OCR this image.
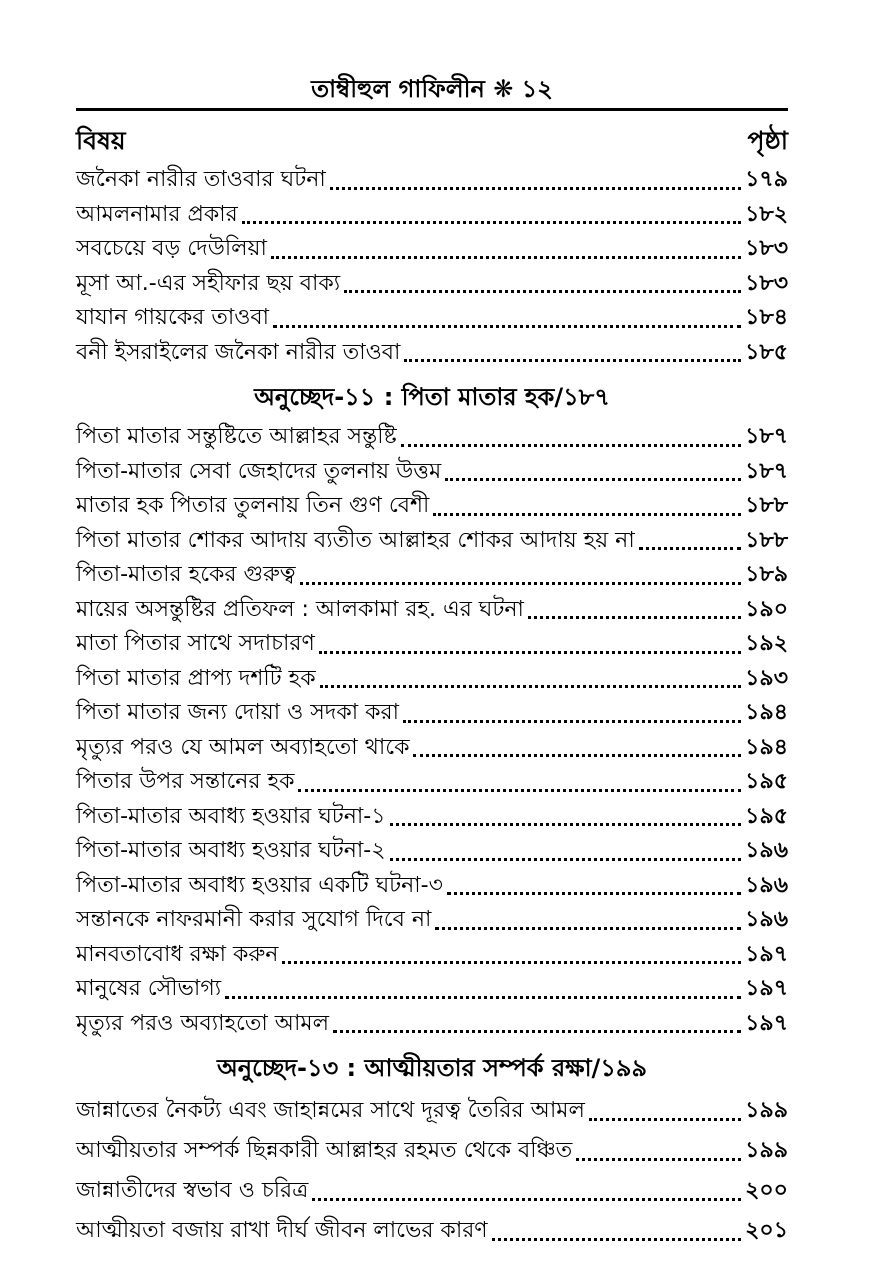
তাম্বীহুল গাফিলীন ❋ ১২
বিষয়	পৃষ্ঠা
জনৈকা নারীর তাওবার ঘটনা	১৭৯
আমলনামার প্রকার	১৮২
সবচেয়ে বড় দেউলিয়া	১৮৩
মূসা আ.-এর সহীফার ছয় বাক্য	১৮৩
যাযান গায়কের তাওবা	১৮৪
বনী ইসরাইলের জনৈকা নারীর তাওবা	১৮৫
অনুচ্ছেদ-১১ : পিতা মাতার হক/১৮৭
পিতা মাতার সন্তুষ্টিতে আল্লাহর সন্তুষ্টি	১৮৭
পিতা-মাতার সেবা জেহাদের তুলনায় উত্তম	১৮৭
মাতার হক পিতার তুলনায় তিন গুণ বেশী	১৮৮
পিতা মাতার শোকর আদায় ব্যতীত আল্লাহর শোকর আদায় হয় না	১৮৮
পিতা-মাতার হকের গুরুত্ব	১৮৯
মায়ের অসন্তুষ্টির প্রতিফল : আলকামা রহ. এর ঘটনা	১৯০
মাতা পিতার সাথে সদাচারণ	১৯২
পিতা মাতার প্রাপ্য দশটি হক	১৯৩
পিতা মাতার জন্য দোয়া ও সদকা করা	১৯৪
মৃত্যুর পরও যে আমল অব্যাহতো থাকে	১৯৪
পিতার উপর সন্তানের হক	১৯৫
পিতা-মাতার অবাধ্য হওয়ার ঘটনা-১	১৯৫
পিতা-মাতার অবাধ্য হওয়ার ঘটনা-২	১৯৬
পিতা-মাতার অবাধ্য হওয়ার একটি ঘটনা-৩	১৯৬
সন্তানকে নাফরমানী করার সুযোগ দিবে না	১৯৬
মানবতাবোধ রক্ষা করুন	১৯৭
মানুষের সৌভাগ্য	১৯৭
মৃত্যুর পরও অব্যাহতো আমল	১৯৭
অনুচ্ছেদ-১৩ : আত্মীয়তার সম্পর্ক রক্ষা/১৯৯
জান্নাতের নৈকট্য এবং জাহান্নমের সাথে দূরত্ব তৈরির আমল	১৯৯
আত্মীয়তার সম্পর্ক ছিন্নকারী আল্লাহর রহমত থেকে বঞ্চিত	১৯৯
জান্নাতীদের স্বভাব ও চরিত্র	২০০
আত্মীয়তা বজায় রাখা দীর্ঘ জীবন লাভের কারণ	২০১
